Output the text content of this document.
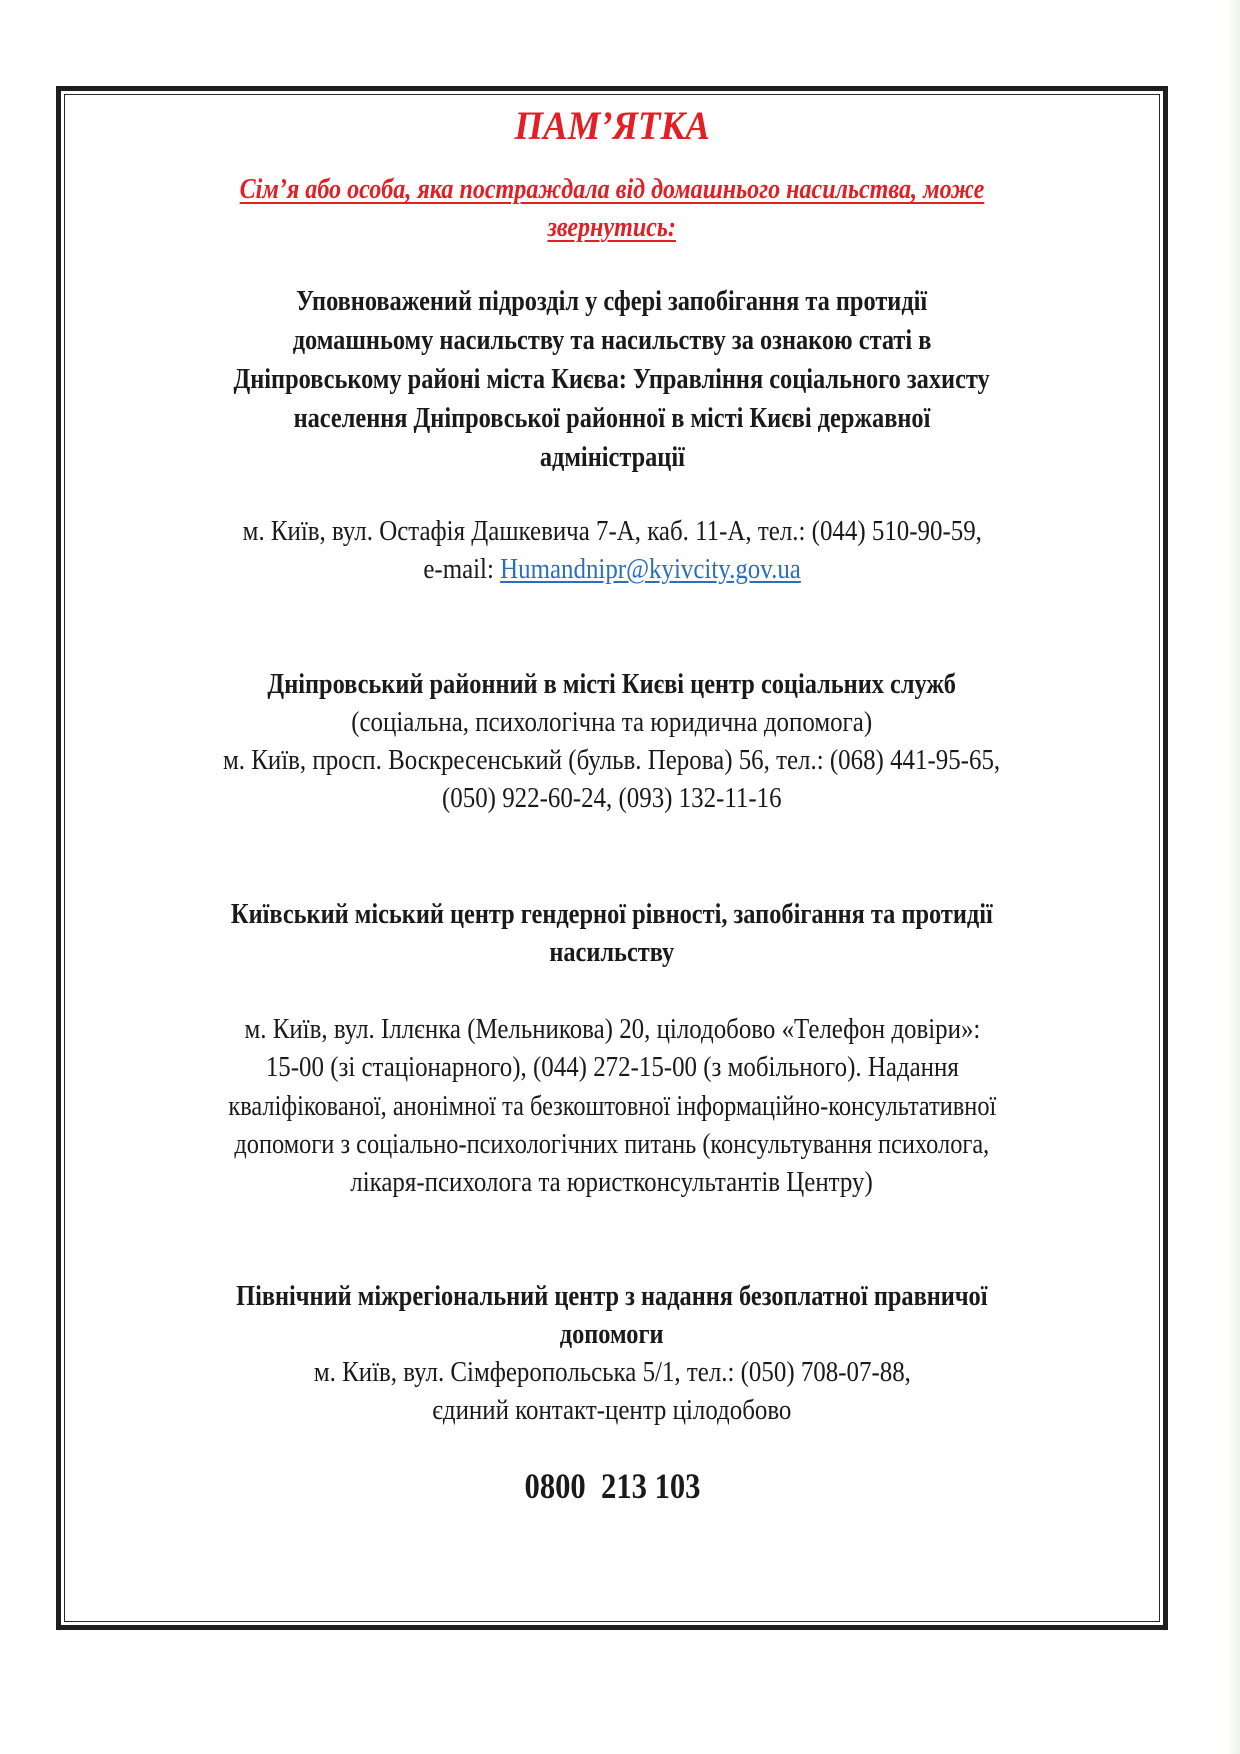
ПАМ’ЯТКА
Сім’я або особа, яка постраждала від домашнього насильства, може
звернутись:
Уповноважений підрозділ у сфері запобігання та протидії
домашньому насильству та насильству за ознакою статі в
Дніпровському районі міста Києва: Управління соціального захисту
населення Дніпровської районної в місті Києві державної
адміністрації
м. Київ, вул. Остафія Дашкевича 7-А, каб. 11-А, тел.: (044) 510-90-59,
e-mail: Humandnipr@kyivcity.gov.ua
Дніпровський районний в місті Києві центр соціальних служб
(соціальна, психологічна та юридична допомога)
м. Київ, просп. Воскресенський (бульв. Перова) 56, тел.: (068) 441-95-65,
(050) 922-60-24, (093) 132-11-16
Київський міський центр гендерної рівності, запобігання та протидії
насильству
м. Київ, вул. Іллєнка (Мельникова) 20, цілодобово «Телефон довіри»:
15-00 (зі стаціонарного), (044) 272-15-00 (з мобільного). Надання
кваліфікованої, анонімної та безкоштовної інформаційно-консультативної
допомоги з соціально-психологічних питань (консультування психолога,
лікаря-психолога та юристконсультантів Центру)
Північний міжрегіональний центр з надання безоплатної правничої
допомоги
м. Київ, вул. Сімферопольська 5/1, тел.: (050) 708-07-88,
єдиний контакт-центр цілодобово
0800  213 103
